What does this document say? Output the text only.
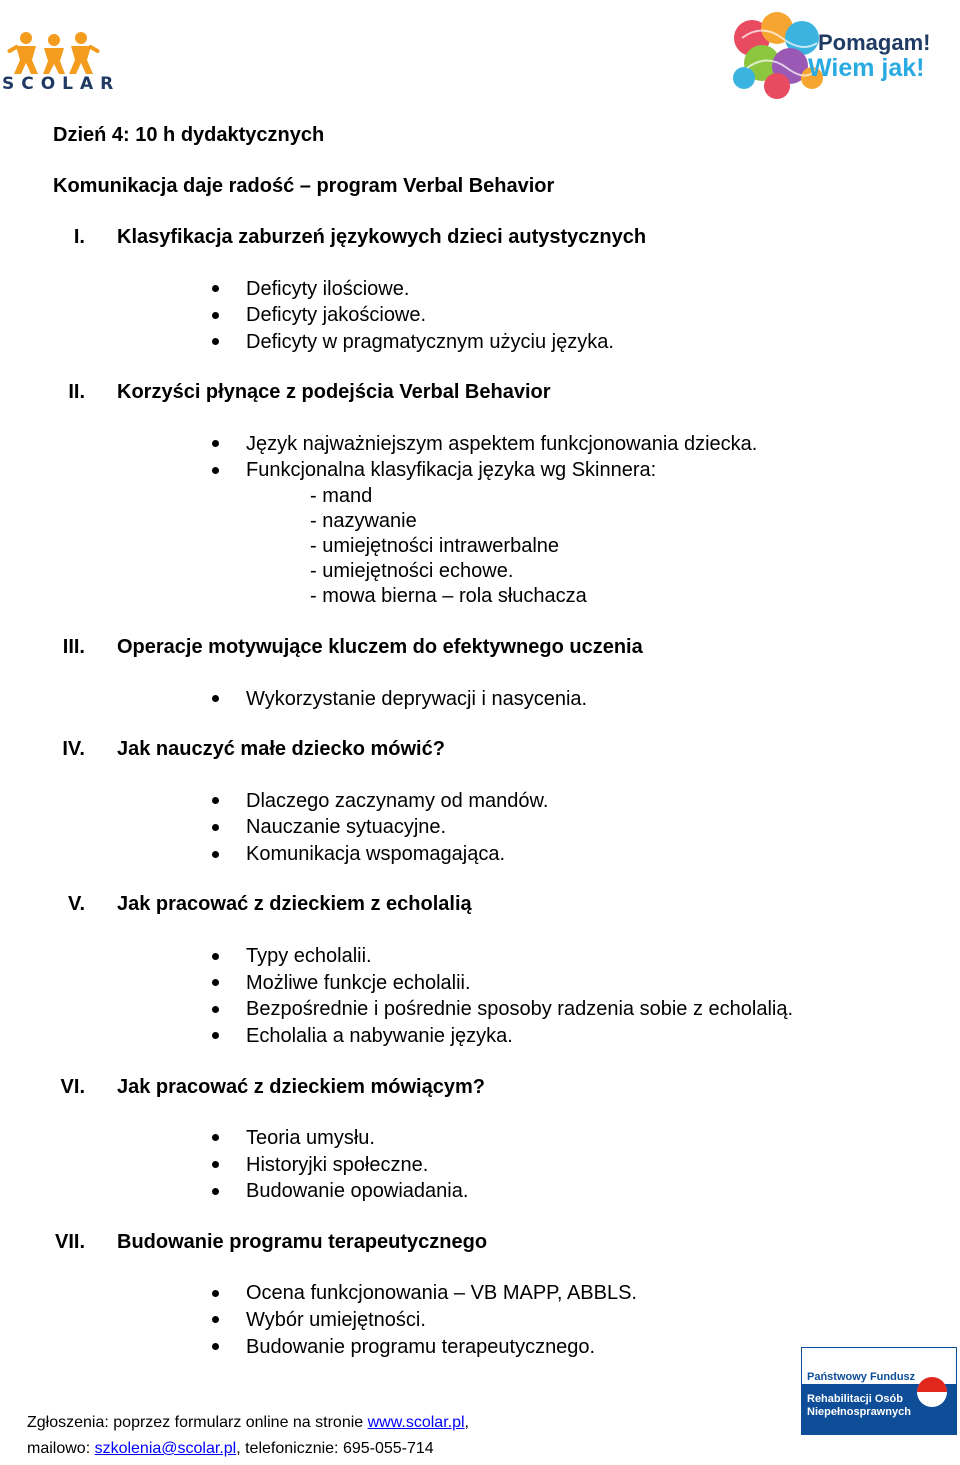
SCOLAR
Pomagam!
Wiem jak!
Dzień 4: 10 h dydaktycznych
Komunikacja daje radość – program Verbal Behavior
I. Klasyfikacja zaburzeń językowych dzieci autystycznych
Deficyty ilościowe.
Deficyty jakościowe.
Deficyty w pragmatycznym użyciu języka.
II. Korzyści płynące z podejścia Verbal Behavior
Język najważniejszym aspektem funkcjonowania dziecka.
Funkcjonalna klasyfikacja języka wg Skinnera:
- mand
- nazywanie
- umiejętności intrawerbalne
- umiejętności echowe.
- mowa bierna – rola słuchacza
III. Operacje motywujące kluczem do efektywnego uczenia
Wykorzystanie deprywacji i nasycenia.
IV. Jak nauczyć małe dziecko mówić?
Dlaczego zaczynamy od mandów.
Nauczanie sytuacyjne.
Komunikacja wspomagająca.
V. Jak pracować z dzieckiem z echolalią
Typy echolalii.
Możliwe funkcje echolalii.
Bezpośrednie i pośrednie sposoby radzenia sobie z echolalią.
Echolalia a nabywanie języka.
VI. Jak pracować z dzieckiem mówiącym?
Teoria umysłu.
Historyjki społeczne.
Budowanie opowiadania.
VII. Budowanie programu terapeutycznego
Ocena funkcjonowania – VB MAPP, ABBLS.
Wybór umiejętności.
Budowanie programu terapeutycznego.
Państwowy Fundusz
Rehabilitacji Osób
Niepełnosprawnych
Zgłoszenia: poprzez formularz online na stronie www.scolar.pl,
mailowo: szkolenia@scolar.pl, telefonicznie: 695-055-714
